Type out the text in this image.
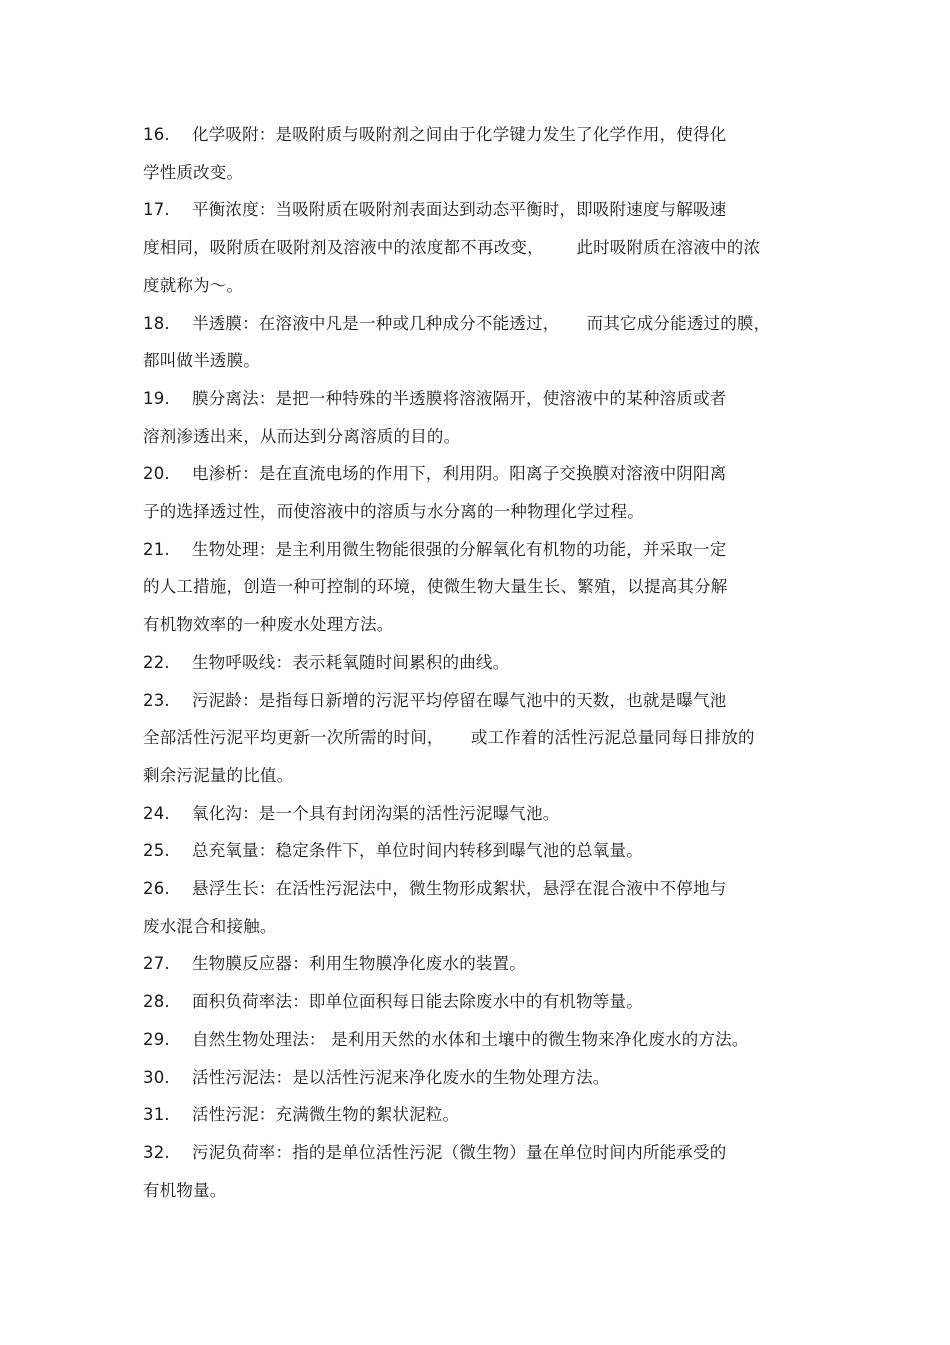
16. 化学吸附：是吸附质与吸附剂之间由于化学键力发生了化学作用，使得化
学性质改变。
17. 平衡浓度：当吸附质在吸附剂表面达到动态平衡时，即吸附速度与解吸速
度相同，吸附质在吸附剂及溶液中的浓度都不再改变，      此时吸附质在溶液中的浓
度就称为～。
18. 半透膜：在溶液中凡是一种或几种成分不能透过，     而其它成分能透过的膜，
都叫做半透膜。
19. 膜分离法：是把一种特殊的半透膜将溶液隔开，使溶液中的某种溶质或者
溶剂渗透出来，从而达到分离溶质的目的。
20. 电渗析：是在直流电场的作用下，利用阴。阳离子交换膜对溶液中阴阳离
子的选择透过性，而使溶液中的溶质与水分离的一种物理化学过程。
21. 生物处理：是主利用微生物能很强的分解氧化有机物的功能，并采取一定
的人工措施，创造一种可控制的环境，使微生物大量生长、繁殖，以提高其分解
有机物效率的一种废水处理方法。
22. 生物呼吸线：表示耗氧随时间累积的曲线。
23. 污泥龄：是指每日新增的污泥平均停留在曝气池中的天数，也就是曝气池
全部活性污泥平均更新一次所需的时间，     或工作着的活性污泥总量同每日排放的
剩余污泥量的比值。
24. 氧化沟：是一个具有封闭沟渠的活性污泥曝气池。
25. 总充氧量：稳定条件下，单位时间内转移到曝气池的总氧量。
26. 悬浮生长：在活性污泥法中，微生物形成絮状，悬浮在混合液中不停地与
废水混合和接触。
27. 生物膜反应器：利用生物膜净化废水的装置。
28. 面积负荷率法：即单位面积每日能去除废水中的有机物等量。
29. 自然生物处理法： 是利用天然的水体和土壤中的微生物来净化废水的方法。
30. 活性污泥法：是以活性污泥来净化废水的生物处理方法。
31. 活性污泥：充满微生物的絮状泥粒。
32. 污泥负荷率：指的是单位活性污泥（微生物）量在单位时间内所能承受的
有机物量。
